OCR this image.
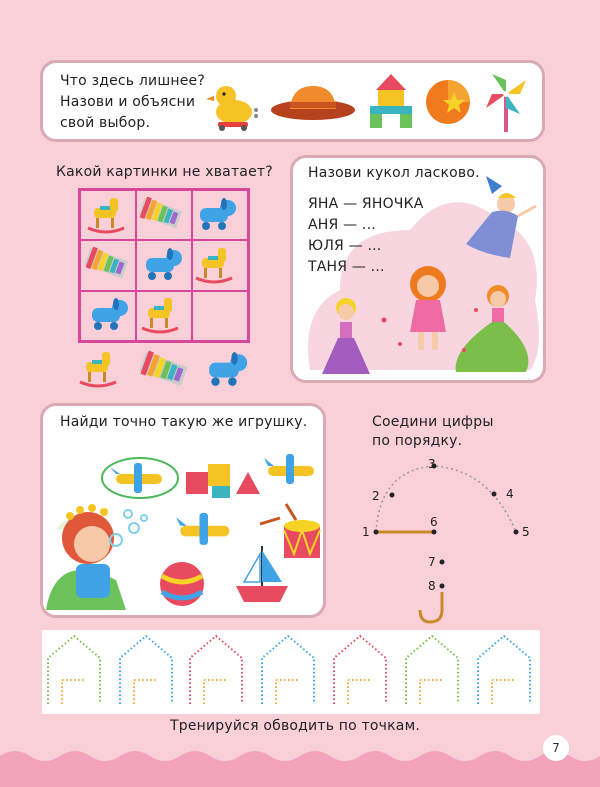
Что здесь лишнее?
Назови и объясни
свой выбор.
Какой картинки не хватает?	Назови кукол ласково.
ЯНА — ЯНОЧКА
АНЯ — ...
ЮЛЯ — ...
ТАНЯ — ...
Найди точно такую же игрушку.	Соедини цифры
по порядку.
1
2
3
4
5
6
7
8
Тренируйся обводить по точкам.
7
